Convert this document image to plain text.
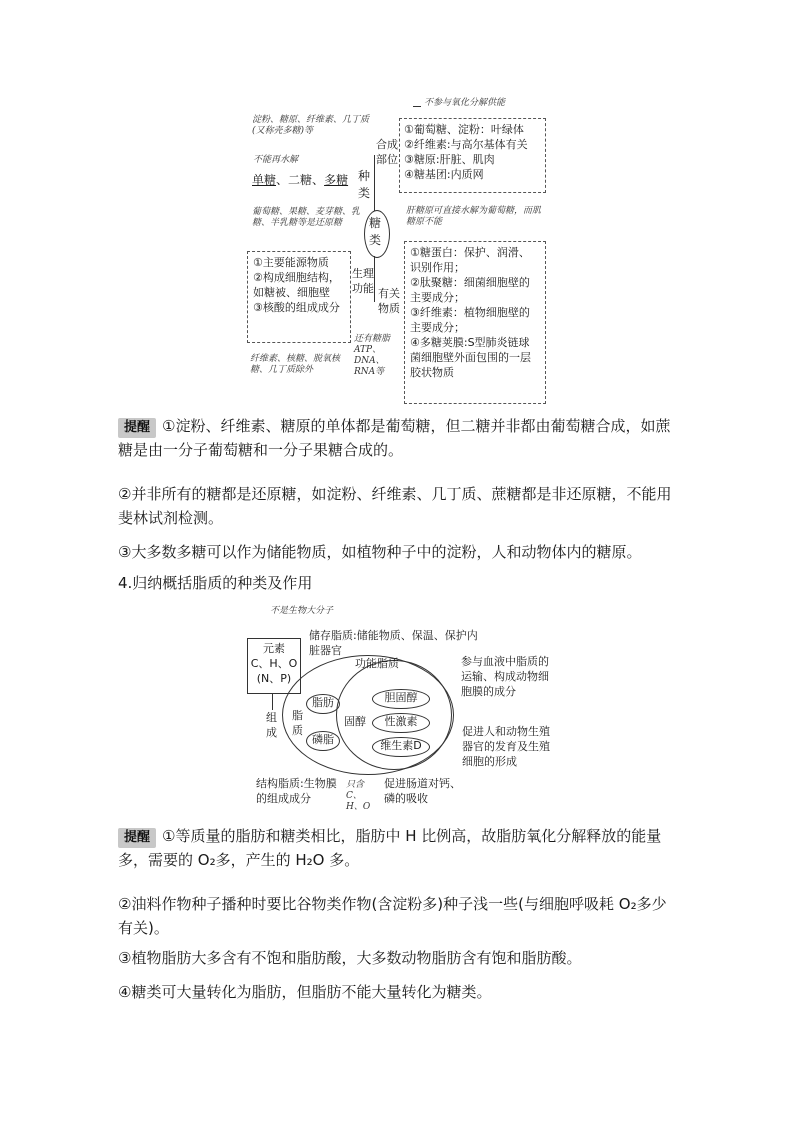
不参与氧化分解供能
淀粉、糖原、纤维素、几丁质(又称壳多糖)等
不能再水解
单糖、二糖、多糖 种类
糖类
合成部位
①葡萄糖、淀粉：叶绿体
②纤维素:与高尔基体有关
③糖原:肝脏、肌肉
④糖基团:内质网
葡萄糖、果糖、麦芽糖、乳糖、半乳糖等是还原糖
肝糖原可直接水解为葡萄糖，而肌糖原不能
①主要能源物质
②构成细胞结构，如糖被、细胞壁
③核酸的组成成分
生理功能 有关物质
①糖蛋白：保护、润滑、识别作用；
②肽聚糖：细菌细胞壁的主要成分；
③纤维素：植物细胞壁的主要成分；
④多糖荚膜:S型肺炎链球菌细胞壁外面包围的一层胶状物质
纤维素、核糖、脱氧核糖、几丁质除外
还有糖脂ATP、DNA、RNA等
提醒 ①淀粉、纤维素、糖原的单体都是葡萄糖，但二糖并非都由葡萄糖合成，如蔗糖是由一分子葡萄糖和一分子果糖合成的。
②并非所有的糖都是还原糖，如淀粉、纤维素、几丁质、蔗糖都是非还原糖，不能用斐林试剂检测。
③大多数多糖可以作为储能物质，如植物种子中的淀粉，人和动物体内的糖原。
4.归纳概括脂质的种类及作用
不是生物大分子
元素
C、H、O
(N、P)
组成
脂质
脂肪
磷脂
固醇
胆固醇
性激素
维生素D
储存脂质:储能物质、保温、保护内脏器官
功能脂质	参与血液中脂质的运输、构成动物细胞膜的成分
促进人和动物生殖器官的发育及生殖细胞的形成
结构脂质:生物膜的组成成分
只含C、H、O
促进肠道对钙、磷的吸收
提醒 ①等质量的脂肪和糖类相比，脂肪中 H 比例高，故脂肪氧化分解释放的能量多，需要的 O₂多，产生的 H₂O 多。
②油料作物种子播种时要比谷物类作物(含淀粉多)种子浅一些(与细胞呼吸耗 O₂多少有关)。
③植物脂肪大多含有不饱和脂肪酸，大多数动物脂肪含有饱和脂肪酸。
④糖类可大量转化为脂肪，但脂肪不能大量转化为糖类。
